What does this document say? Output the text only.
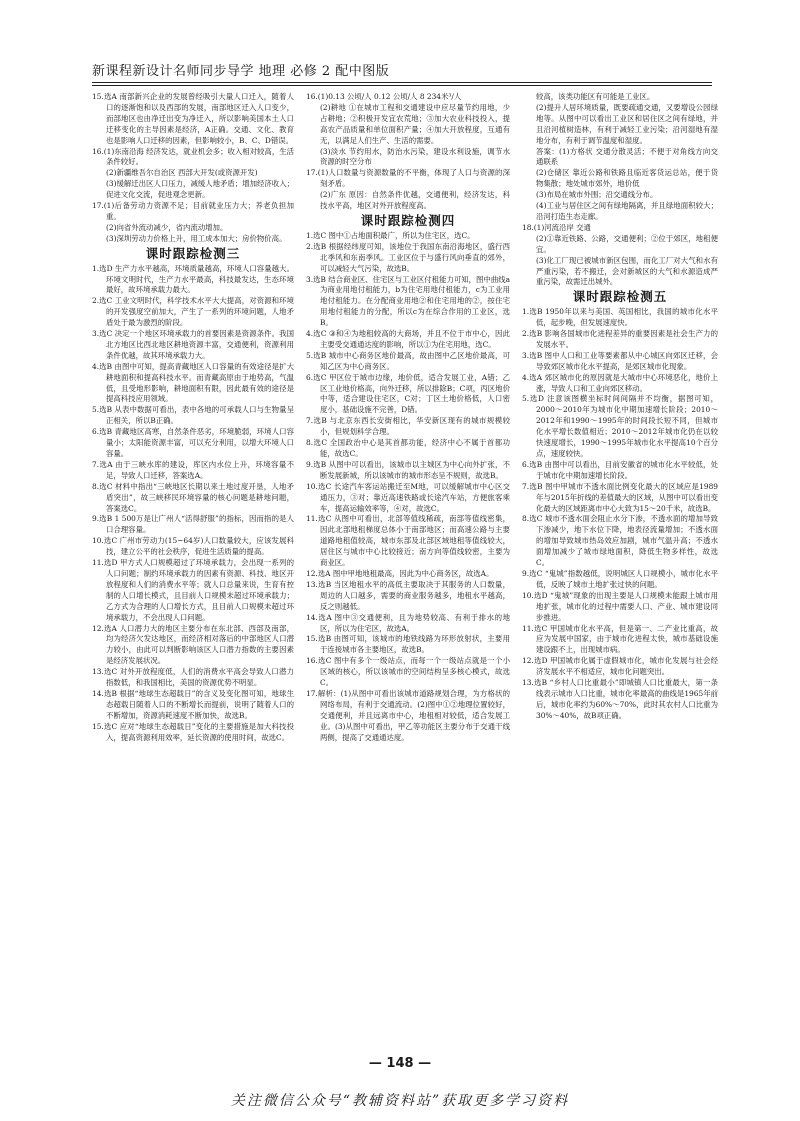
新课程新设计名师同步导学 地理 必修 2 配中图版

15.选A 南部新兴企业的发展曾经吸引大量人口迁入，随着人口的逐渐饱和以及西部的发展，南部地区迁入人口变少，而部地区也由净迁出变为净迁入，所以影响美国本土人口迁移变化的主导因素是经济，A正确。交通、文化、教育也是影响人口迁移的因素，但影响较小，B、C、D错误。

16.(1)东南沿海 经济发达，就业机会多；收入相对较高，生活条件较好。

(2)新疆维吾尔自治区 西部大开发(或资源开发)

(3)缓解迁出区人口压力，减缓人地矛盾；增加经济收入；促进文化交流，促进观念更新。

17.(1)后备劳动力资源不足；目前就业压力大；养老负担加重。

(2)向省外流动减少，省内流动增加。

(3)深圳劳动力价格上升，用工成本加大；房价物价高。

课时跟踪检测三

1.选D 生产力水平越高，环境质量越高，环境人口容量越大。环境文明时代，生产力水平最高，科技最发达，生态环境最好，故环境承载力最大。

2.选C 工业文明时代，科学技术水平大大提高，对资源和环境的开发强度空前加大，产生了一系列的环境问题，人地矛盾处于最为激烈的阶段。

3.选C 决定一个地区环境承载力的首要因素是资源条件。我国北方地区比西北地区耕地资源丰富，交通便利，资源利用条件优越，故其环境承载力大。

4.选B 由图中可知，提高青藏地区人口容量的有效途径是扩大耕地面积和提高科技水平。而青藏高原由于地势高，气温低，且受地形影响，耕地面积有限，因此最有效的途径是提高科技应用领域。

5.选B 从表中数据可看出，表中各地的可承载人口与生物量呈正相关，所以B正确。

6.选B 青藏地区高寒，自然条件恶劣，环境脆弱，环境人口容量小；太阳能资源丰富，可以充分利用，以增大环境人口容量。

7.选A 由于三峡水库的建设，库区内水位上升，环境容量不足，导致人口迁移，答案选A。

8.选C 材料中指出“三峡地区长期以来土地过度开垦，人地矛盾突出”，故三峡移民环境容量的核心问题是耕地问题，答案选C。

9.选B 1 500万是让广州人“活得舒服”的指标，因而指的是人口合理容量。

10.选C 广州市劳动力(15~64岁)人口数量较大，应该发展科技，建立公平的社会秩序，促进生活质量的提高。

11.选D 甲方式人口规模超过了环境承载力，会出现一系列的人口问题；制约环境承载力的因素有资源、科技、地区开放程度和人们的消费水平等；就人口总量来说，生育有控制的人口增长模式，且目前人口规模未超过环境承载力；乙方式为合理的人口增长方式，且目前人口规模未超过环境承载力，不会出现人口问题。

12.选A 人口潜力大的地区主要分布在东北部、西部及南部，均为经济欠发达地区，而经济相对落后的中部地区人口潜力较小，由此可以判断影响该区人口潜力指数的主要因素是经济发展状况。

13.选C 对外开放程度低，人们的消费水平高会导致人口潜力指数低，和我国相比，美国的资源优势不明显。

14.选B 根据“地球生态超载日”的含义及变化图可知，地球生态超载日随着人口的不断增长而提前，说明了随着人口的不断增加，资源消耗速度不断加快，故选B。

15.选C 应对“地球生态超载日”变化的主要措施是加大科技投入，提高资源利用效率，延长资源的使用时间，故选C。

16.(1)0.13 公顷/人 0.12 公顷/人 8 234米³/人

(2)耕地 ①在城市工程和交通建设中应尽量节约用地，少占耕地；②积极开发宜农荒地；③加大农业科技投入，提高农产品质量和单位面积产量；④加大开放程度，互通有无，以满足人们生产、生活的需要。

(3)淡水 节约用水，防治水污染，建设水利设施，调节水资源的时空分布

17.(1)人口数量与资源数量的不平衡，体现了人口与资源的深刻矛盾。

(2)广东 原因：自然条件优越，交通便利，经济发达，科技水平高，地区对外开放程度高。

课时跟踪检测四

1.选C 图中①占地面积最广，所以为住宅区，选C。

2.选B 根据经纬度可知，该地位于我国东南沿海地区，盛行西北季风和东南季风。工业区位于与盛行风向垂直的郊外，可以减轻大气污染，故选B。

3.选B 结合商业区、住宅区与工业区付租能力可知，图中曲线a为商业用地付租能力，b为住宅用地付租能力，c为工业用地付租能力。在分配商业用地②和住宅用地的②，按住宅用地付租能力的分配，所以c为在综合作用的工业区，选B。

4.选C ③和④为地租较高的大商场，并且不位于市中心，因此主要受交通通达度的影响，所以①为住宅用地，选C。

5.选B 城市中心商务区地价最高，故由图中乙区地价最高，可知乙区为中心商务区。

6.选C 甲区位于城市边缘，地价低，适合发展工业，A错；乙区工业地价格高，向外迁移，所以排除B；C项，丙区地价中等，适合建设住宅区，C对；丁区土地价格低，人口密度小，基础设施不完善，D错。

7.选B 与北京东西长安街相比，华安新区现有的城市规模较小，但规划科学合理。

8.选C 全国政治中心是其首都功能，经济中心不属于首都功能，故选C。

9.选B 从图中可以看出，该城市以主城区为中心向外扩张，不断发展新城，所以该城市的城市形态呈不规则，故选B。

10.选C 长途汽车客运站搬迁至M地，可以缓解城市中心区交通压力，③对；靠近高速铁路或长途汽车站，方便旅客乘车，提高运输效率等，④对，故选C。

11.选C 从图中可看出，北部等值线稀疏，南部等值线密集，因此北部地租梯度总体小于南部地区；而高速公路与主要道路地租值较高，城市东部及北部区域地租等值线较大，居住区与城市中心比较接近；南方向等值线较密，主要为商业区。

12.选A 图中甲地地租最高，因此为中心商务区，故选A。

13.选B 当区地租水平的高低主要取决于其服务的人口数量，周边的人口越多，需要的商业服务越多，地租水平越高，反之则越低。

14.选A 图中③交通便利，且为地势较高、有利于排水的地区，所以为住宅区，故选A。

15.选B 由图可知，该城市的地铁线路为环形放射状，主要用于连接城市各主要地区，故选B。

16.选C 图中有多个一级站点，而每一个一级站点就是一个小区域的核心，所以该城市的空间结构呈多核心模式，故选C。

17.解析：(1)从图中可看出该城市道路规划合理，为方格状的网络布局，有利于交通流动。(2)图中①②地理位置较好，交通便利，并且远离市中心，地租相对较低，适合发展工业。(3)从图中可看出，甲乙等功能区主要分布于交通干线两侧，提高了交通通达度。

较高，该类功能区有可能是工业区。

(2)提升人居环境质量，既要疏通交通，又要增设公园绿地等。从图中可以看出工业区和居住区之间有绿地，并且沿河植树造林，有利于减轻工业污染；沿河湿地有湿地分布，有利于调节温度和湿度。

答案：(1)方格状 交通分散灵活；不便于对角线方向交通联系

(2)仓储区 靠近公路和铁路且临近客货运总站，便于货物集散；地处城市郊外，地价低

(3)布局在城市外围；沿交通线分布。

(4)工业与居住区之间有绿地隔离，并且绿地面积较大；沿河打造生态走廊。

18.(1)河流沿岸 交通

(2)①靠近铁路、公路，交通便利；②位于郊区，地租便宜。

(3)化工厂现已被城市新区包围，而化工厂对大气和水有严重污染，若不搬迁，会对新城区的大气和水源造成严重污染，故需迁出城外。

课时跟踪检测五

1.选B 1950年以来与美国、英国相比，我国的城市化水平低，起步晚，但发展速度快。

2.选B 影响各国城市化进程差异的重要因素是社会生产力的发展水平。

3.选B 图中人口和工业等要素都从中心城区向郊区迁移，会导致郊区城市化水平提高，是郊区城市化现象。

4.选A 郊区城市化的原因就是大城市中心环境恶化，地价上涨，导致人口和工业向郊区移动。

5.选D 注意该图横坐标时间间隔并不均衡，据图可知，2000～2010年为城市化中期加速增长阶段；2010～2012年和1990～1995年的时间段长短不同，但城市化水平增长数值相近；2010～2012年城市化仍在以较快速度增长，1990～1995年城市化水平提高10个百分点，速度较快。

6.选B 由图中可以看出，目前安徽省的城市化水平较低，处于城市化中期加速增长阶段。

7.选B 图中甲城市不透水面比例变化最大的区域应是1989年与2015年折线的差值最大的区域，从图中可以看出变化最大的区域距离市中心大致为15～20千米，故选B。

8.选C 城市不透水面会阻止水分下渗，不透水面的增加导致下渗减少，地下水位下降，地表径流量增加；不透水面的增加导致城市热岛效应加剧，城市气温升高；不透水面增加减少了城市绿地面积，降低生物多样性，故选C。

9.选C “鬼城”指数越低，说明城区人口规模小，城市化水平低，反映了城市土地扩张过快的问题。

10.选D “鬼城”现象的出现主要是人口规模未能跟上城市用地扩张，城市化的过程中需要人口、产业、城市建设同步推进。

11.选C 甲国城市化水平高，但是第一、二产业比重高，故应为发展中国家，由于城市化进程太快，城市基础设施建设跟不上，出现城市病。

12.选D 甲国城市化属于虚假城市化，城市化发展与社会经济发展水平不相适应，城市化问题突出。

13.选B “乡村人口比重最小”即城镇人口比重最大，第一条线表示城市人口比重，城市化率最高的曲线是1965年前后，城市化率约为60%～70%，此时其农村人口比重为30%～40%，故B项正确。

— 148 —
关注微信公众号“教辅资料站”获取更多学习资料
